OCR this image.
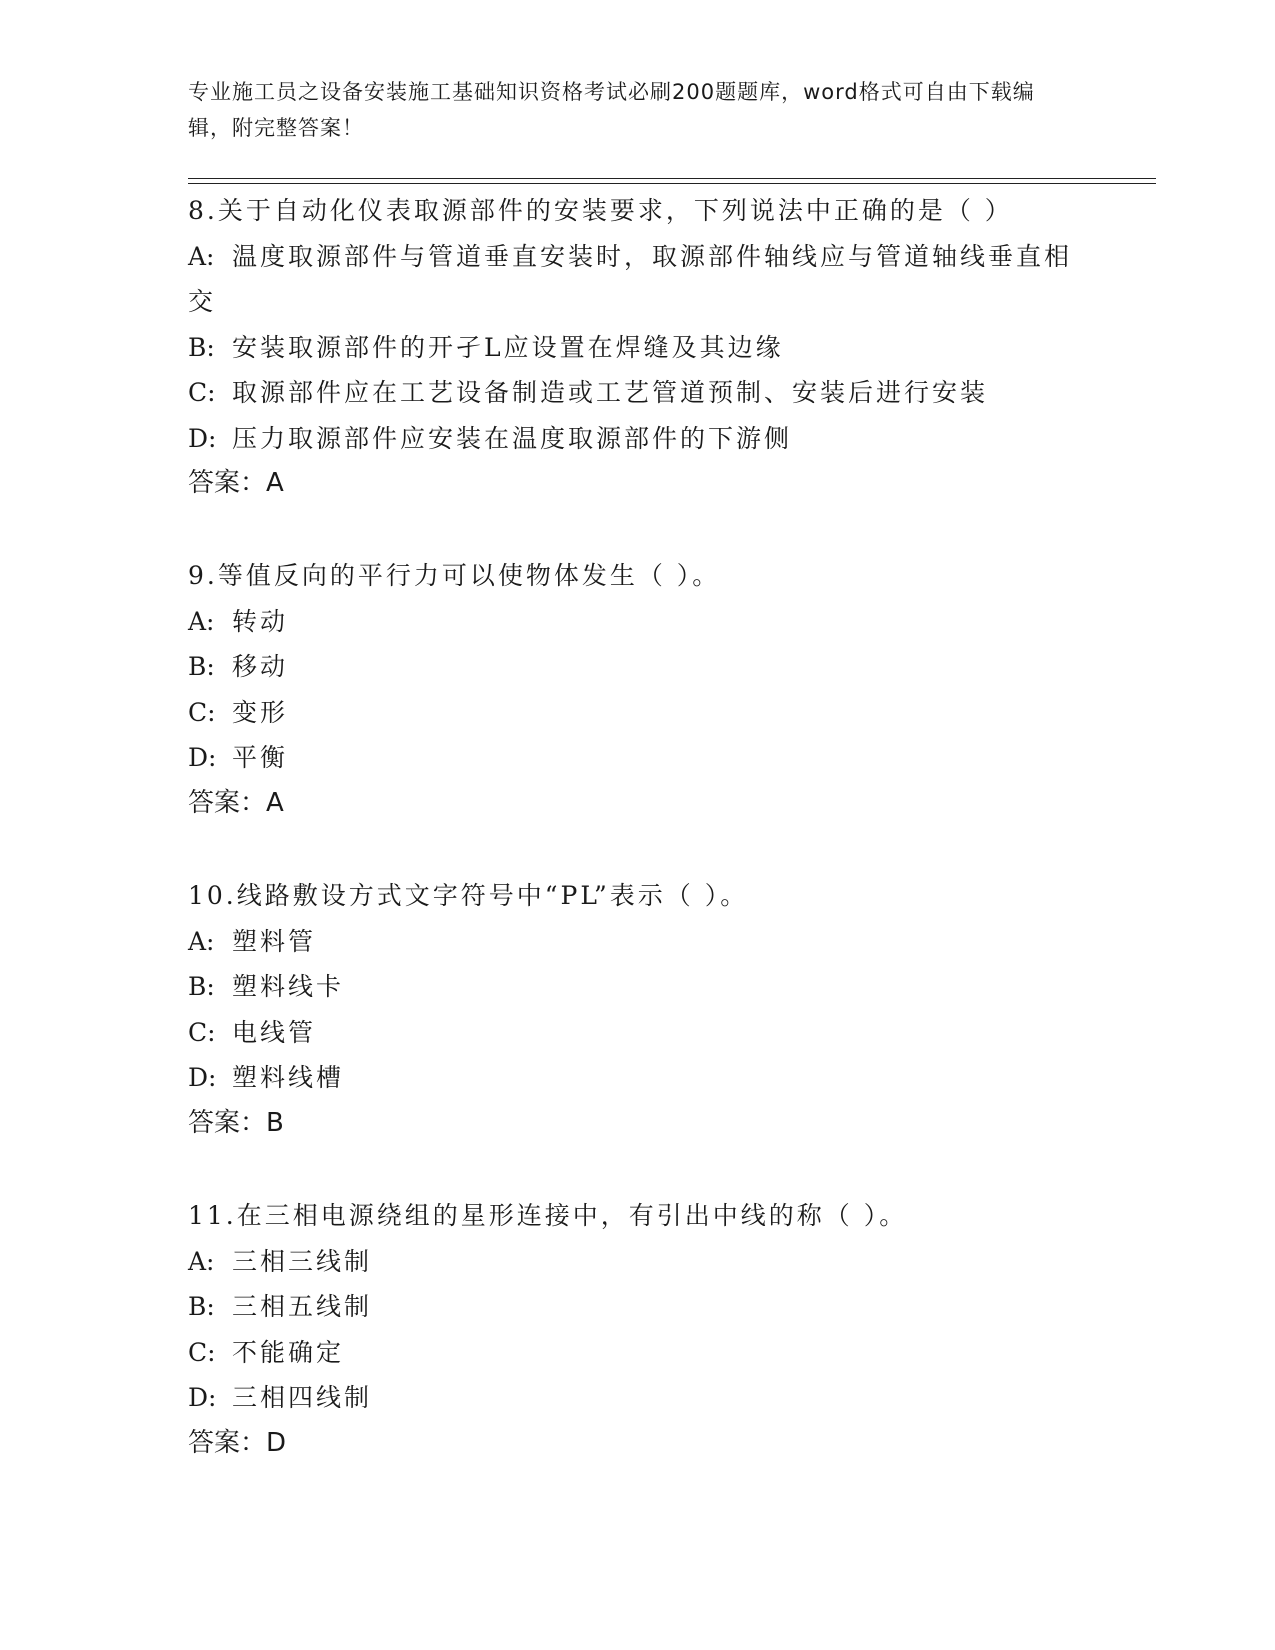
专业施工员之设备安装施工基础知识资格考试必刷200题题库，word格式可自由下载编辑，附完整答案！

8.关于自动化仪表取源部件的安装要求，下列说法中正确的是（ ）

A: 温度取源部件与管道垂直安装时，取源部件轴线应与管道轴线垂直相交

B: 安装取源部件的开孑L应设置在焊缝及其边缘

C: 取源部件应在工艺设备制造或工艺管道预制、安装后进行安装

D: 压力取源部件应安装在温度取源部件的下游侧

答案：A

9.等值反向的平行力可以使物体发生（ ）。

A: 转动

B: 移动

C: 变形

D: 平衡

答案：A

10.线路敷设方式文字符号中“PL”表示（ ）。

A: 塑料管

B: 塑料线卡

C: 电线管

D: 塑料线槽

答案：B

11.在三相电源绕组的星形连接中，有引出中线的称（ ）。

A: 三相三线制

B: 三相五线制

C: 不能确定

D: 三相四线制

答案：D
